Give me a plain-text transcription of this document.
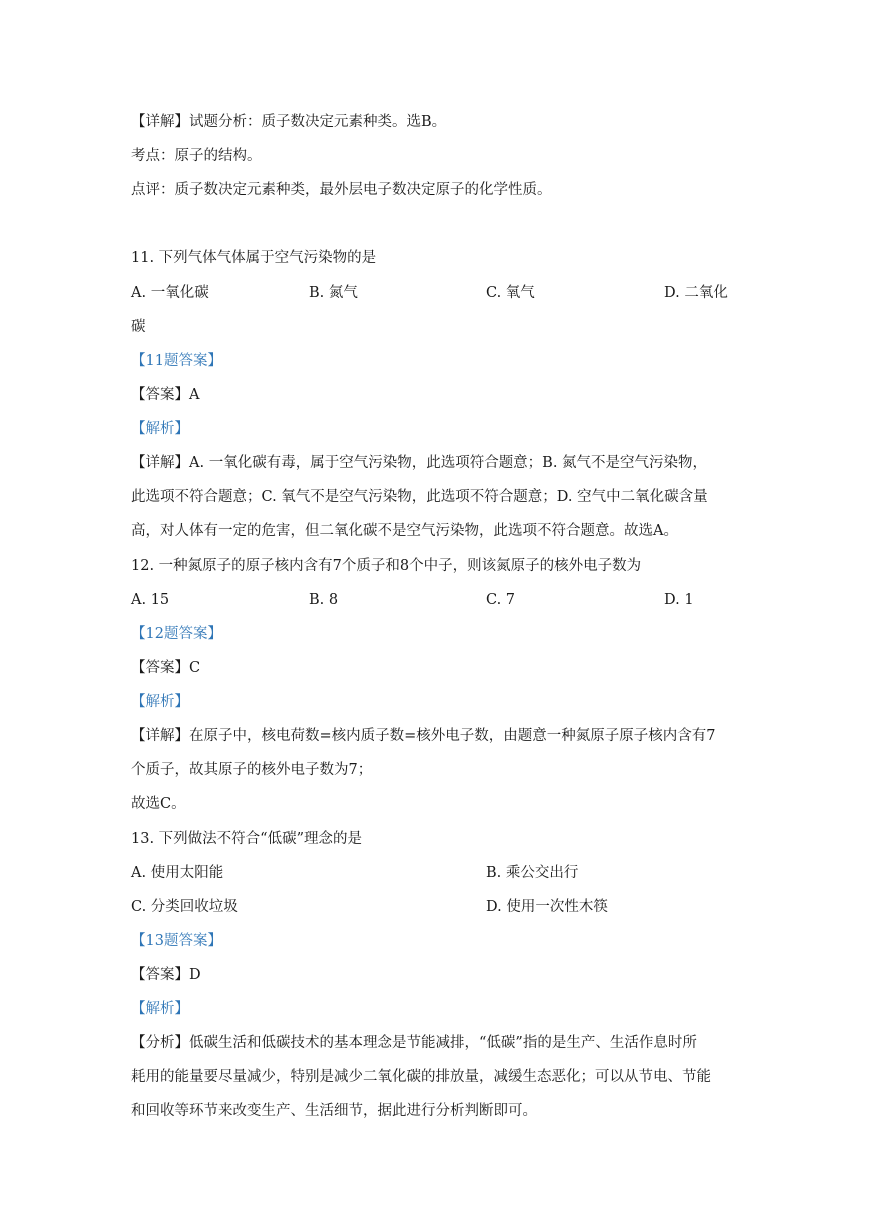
【详解】试题分析：质子数决定元素种类。选B。
考点：原子的结构。
点评：质子数决定元素种类，最外层电子数决定原子的化学性质。
11. 下列气体气体属于空气污染物的是
A. 一氧化碳	B. 氮气	C. 氧气	D. 二氧化
碳
【11题答案】
【答案】A
【解析】
【详解】A. 一氧化碳有毒，属于空气污染物，此选项符合题意；B. 氮气不是空气污染物，
此选项不符合题意；C. 氧气不是空气污染物，此选项不符合题意；D. 空气中二氧化碳含量
高，对人体有一定的危害，但二氧化碳不是空气污染物，此选项不符合题意。故选A。
12. 一种氮原子的原子核内含有7个质子和8个中子，则该氮原子的核外电子数为
A. 15	B. 8	C. 7	D. 1
【12题答案】
【答案】C
【解析】
【详解】在原子中，核电荷数=核内质子数=核外电子数，由题意一种氮原子原子核内含有7
个质子，故其原子的核外电子数为7；
故选C。
13. 下列做法不符合“低碳”理念的是
A. 使用太阳能	B. 乘公交出行
C. 分类回收垃圾	D. 使用一次性木筷
【13题答案】
【答案】D
【解析】
【分析】低碳生活和低碳技术的基本理念是节能减排，“低碳”指的是生产、生活作息时所
耗用的能量要尽量减少，特别是减少二氧化碳的排放量，减缓生态恶化；可以从节电、节能
和回收等环节来改变生产、生活细节，据此进行分析判断即可。
